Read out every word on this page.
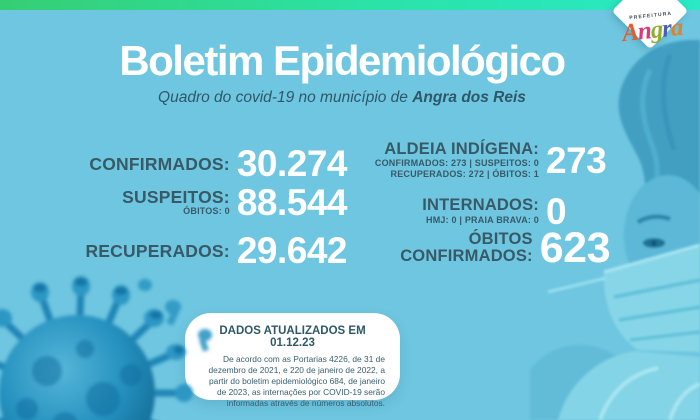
PREFEITURA
Angra
Boletim Epidemiológico
Quadro do covid-19 no município de Angra dos Reis
CONFIRMADOS: 30.274
SUSPEITOS:
ÓBITOS: 0 88.544
RECUPERADOS: 29.642
ALDEIA INDÍGENA:
CONFIRMADOS: 273 | SUSPEITOS: 0
RECUPERADOS: 272 | ÓBITOS: 1 273
INTERNADOS:
HMJ: 0 | PRAIA BRAVA: 0 0
ÓBITOS CONFIRMADOS: 623
DADOS ATUALIZADOS EM 01.12.23
De acordo com as Portarias 4226, de 31 de dezembro de 2021, e 220 de janeiro de 2022, a partir do boletim epidemiológico 684, de janeiro de 2023, as internações por COVID-19 serão informadas através de números absolutos.
